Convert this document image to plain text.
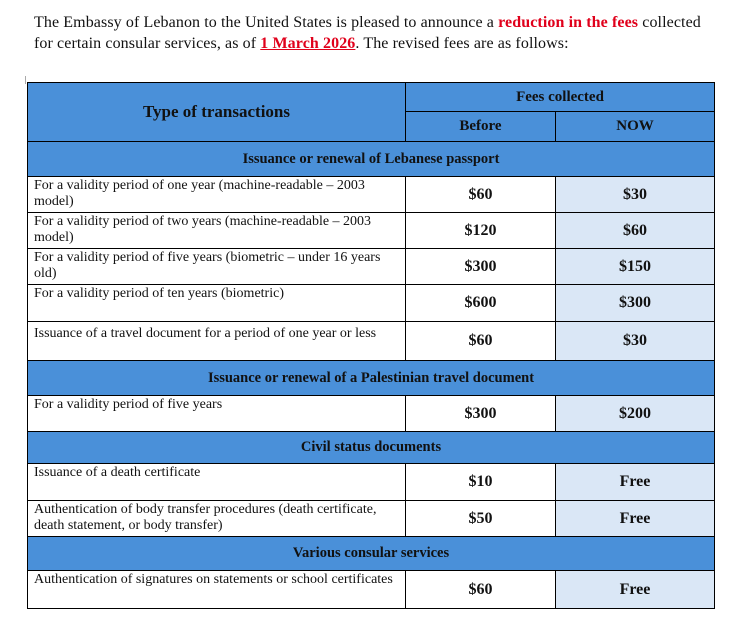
The Embassy of Lebanon to the United States is pleased to announce a reduction in the fees collected for certain consular services, as of 1 March 2026. The revised fees are as follows:
Type of transactions	Fees collected	
	Before	NOW
Issuance or renewal of Lebanese passport		
For a validity period of one year (machine-readable – 2003 model)	$60	$30
For a validity period of two years (machine-readable – 2003 model)	$120	$60
For a validity period of five years (biometric – under 16 years old)	$300	$150
For a validity period of ten years (biometric)	$600	$300
Issuance of a travel document for a period of one year or less	$60	$30
Issuance or renewal of a Palestinian travel document		
For a validity period of five years	$300	$200
Civil status documents		
Issuance of a death certificate	$10	Free
Authentication of body transfer procedures (death certificate, death statement, or body transfer)	$50	Free
Various consular services		
Authentication of signatures on statements or school certificates	$60	Free
